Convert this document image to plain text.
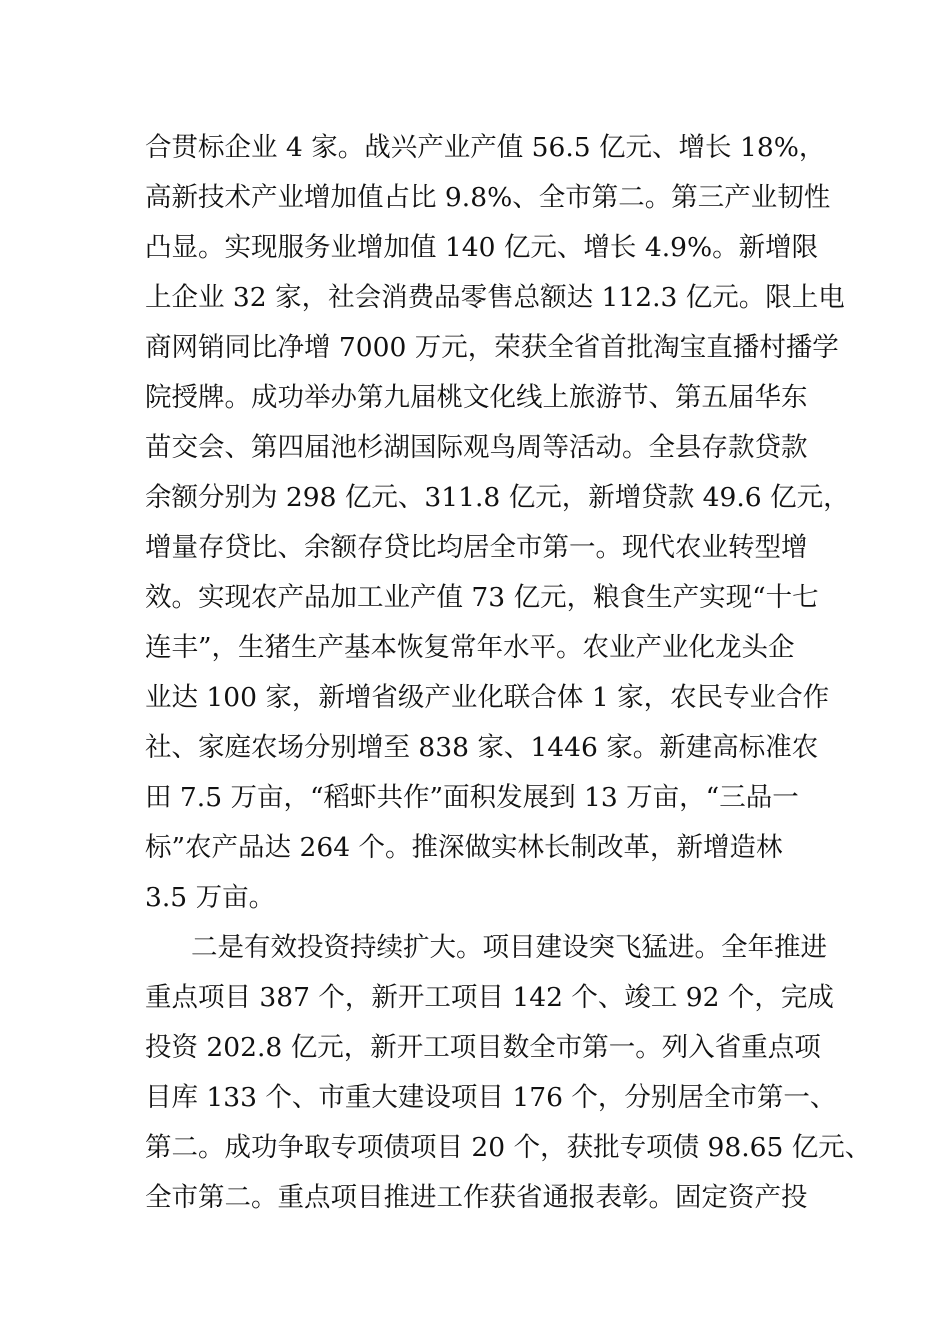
合贯标企业 4 家。战兴产业产值 56.5 亿元、增长 18%，
高新技术产业增加值占比 9.8%、全市第二。第三产业韧性
凸显。实现服务业增加值 140 亿元、增长 4.9%。新增限
上企业 32 家，社会消费品零售总额达 112.3 亿元。限上电
商网销同比净增 7000 万元，荣获全省首批淘宝直播村播学
院授牌。成功举办第九届桃文化线上旅游节、第五届华东
苗交会、第四届池杉湖国际观鸟周等活动。全县存款贷款
余额分别为 298 亿元、311.8 亿元，新增贷款 49.6 亿元，
增量存贷比、余额存贷比均居全市第一。现代农业转型增
效。实现农产品加工业产值 73 亿元，粮食生产实现“十七
连丰”，生猪生产基本恢复常年水平。农业产业化龙头企
业达 100 家，新增省级产业化联合体 1 家，农民专业合作
社、家庭农场分别增至 838 家、1446 家。新建高标准农
田 7.5 万亩，“稻虾共作”面积发展到 13 万亩，“三品一
标”农产品达 264 个。推深做实林长制改革，新增造林
3.5 万亩。
二是有效投资持续扩大。项目建设突飞猛进。全年推进
重点项目 387 个，新开工项目 142 个、竣工 92 个，完成
投资 202.8 亿元，新开工项目数全市第一。列入省重点项
目库 133 个、市重大建设项目 176 个，分别居全市第一、
第二。成功争取专项债项目 20 个，获批专项债 98.65 亿元、
全市第二。重点项目推进工作获省通报表彰。固定资产投
